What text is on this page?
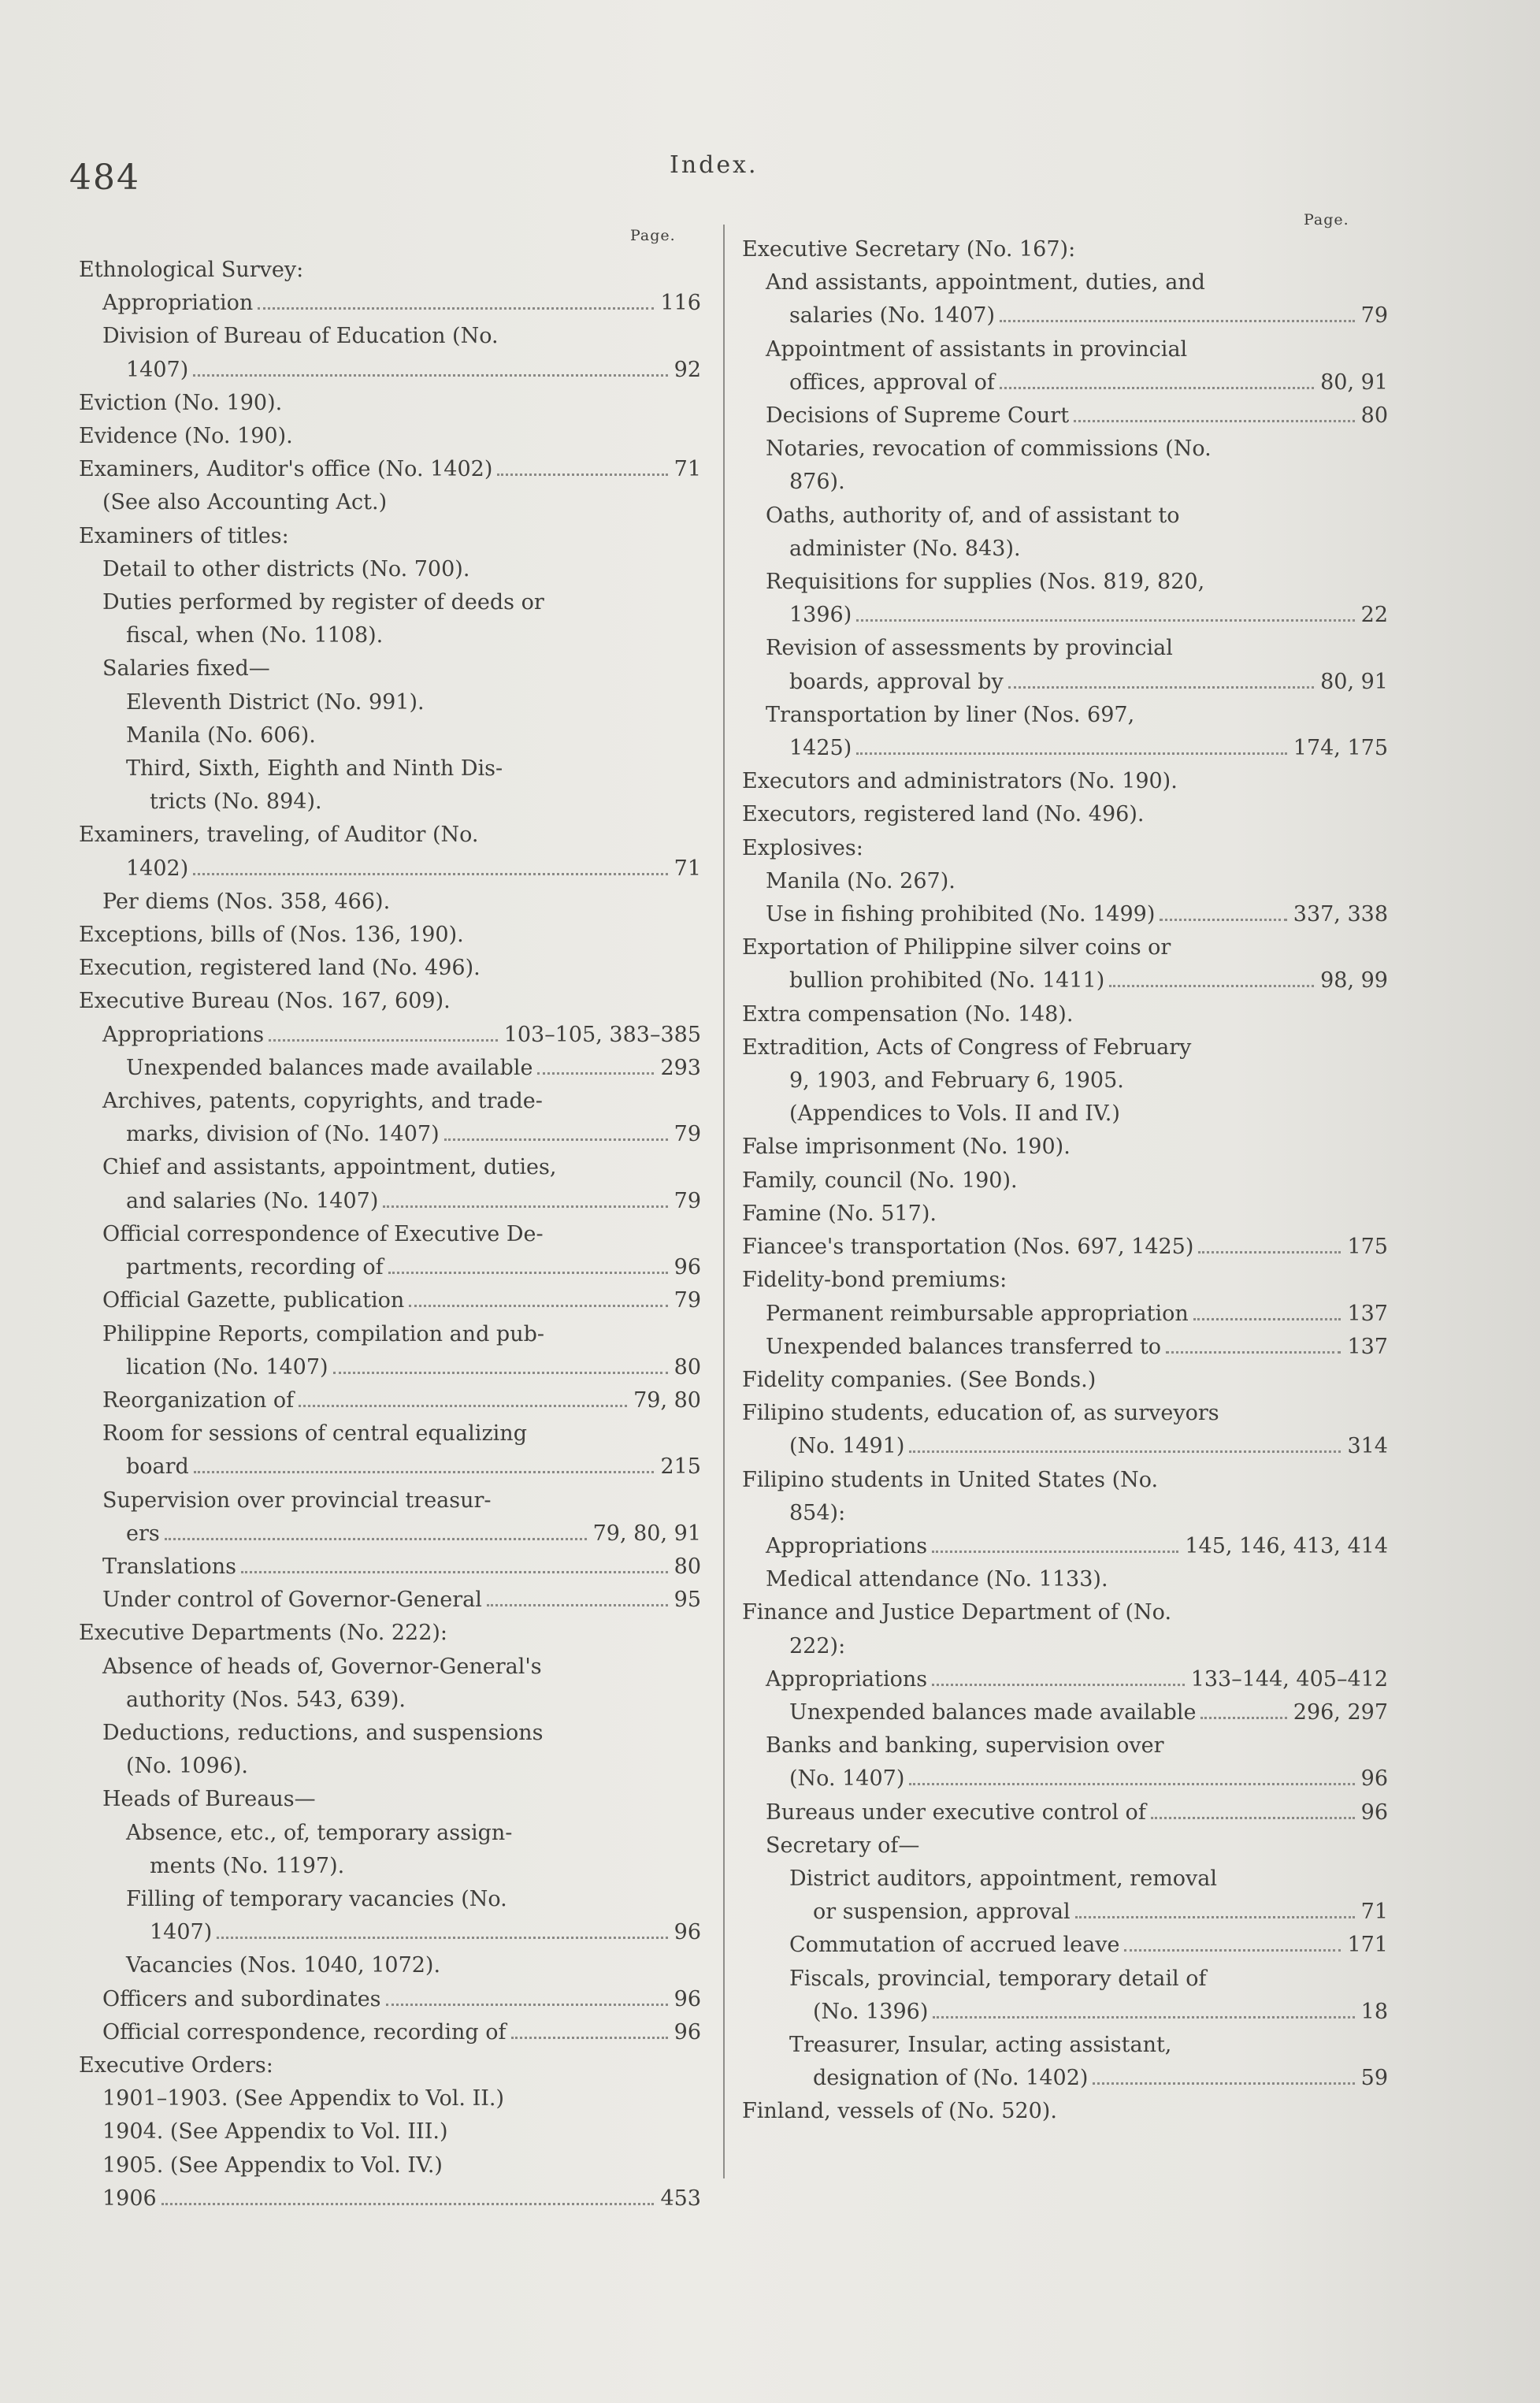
484	Index.
Page.
Page.
Ethnological Survey:
Appropriation	116
Division of Bureau of Education (No.
1407)	92
Eviction (No. 190).
Evidence (No. 190).
Examiners, Auditor's office (No. 1402)	71
(See also Accounting Act.)
Examiners of titles:
Detail to other districts (No. 700).
Duties performed by register of deeds or
fiscal, when (No. 1108).
Salaries fixed—
Eleventh District (No. 991).
Manila (No. 606).
Third, Sixth, Eighth and Ninth Dis-
tricts (No. 894).
Examiners, traveling, of Auditor (No.
1402)	71
Per diems (Nos. 358, 466).
Exceptions, bills of (Nos. 136, 190).
Execution, registered land (No. 496).
Executive Bureau (Nos. 167, 609).
Appropriations	103–105, 383–385
Unexpended balances made available	293
Archives, patents, copyrights, and trade-
marks, division of (No. 1407)	79
Chief and assistants, appointment, duties,
and salaries (No. 1407)	79
Official correspondence of Executive De-
partments, recording of	96
Official Gazette, publication	79
Philippine Reports, compilation and pub-
lication (No. 1407)	80
Reorganization of	79, 80
Room for sessions of central equalizing
board	215
Supervision over provincial treasur-
ers	79, 80, 91
Translations	80
Under control of Governor-General	95
Executive Departments (No. 222):
Absence of heads of, Governor-General's
authority (Nos. 543, 639).
Deductions, reductions, and suspensions
(No. 1096).
Heads of Bureaus—
Absence, etc., of, temporary assign-
ments (No. 1197).
Filling of temporary vacancies (No.
1407)	96
Vacancies (Nos. 1040, 1072).
Officers and subordinates	96
Official correspondence, recording of	96
Executive Orders:
1901–1903. (See Appendix to Vol. II.)
1904. (See Appendix to Vol. III.)
1905. (See Appendix to Vol. IV.)
1906	453
Executive Secretary (No. 167):
And assistants, appointment, duties, and
salaries (No. 1407)	79
Appointment of assistants in provincial
offices, approval of	80, 91
Decisions of Supreme Court	80
Notaries, revocation of commissions (No.
876).
Oaths, authority of, and of assistant to
administer (No. 843).
Requisitions for supplies (Nos. 819, 820,
1396)	22
Revision of assessments by provincial
boards, approval by	80, 91
Transportation by liner (Nos. 697,
1425)	174, 175
Executors and administrators (No. 190).
Executors, registered land (No. 496).
Explosives:
Manila (No. 267).
Use in fishing prohibited (No. 1499)	337, 338
Exportation of Philippine silver coins or
bullion prohibited (No. 1411)	98, 99
Extra compensation (No. 148).
Extradition, Acts of Congress of February
9, 1903, and February 6, 1905.
(Appendices to Vols. II and IV.)
False imprisonment (No. 190).
Family, council (No. 190).
Famine (No. 517).
Fiancee's transportation (Nos. 697, 1425)	175
Fidelity-bond premiums:
Permanent reimbursable appropriation	137
Unexpended balances transferred to	137
Fidelity companies. (See Bonds.)
Filipino students, education of, as surveyors
(No. 1491)	314
Filipino students in United States (No.
854):
Appropriations	145, 146, 413, 414
Medical attendance (No. 1133).
Finance and Justice Department of (No.
222):
Appropriations	133–144, 405–412
Unexpended balances made available	296, 297
Banks and banking, supervision over
(No. 1407)	96
Bureaus under executive control of	96
Secretary of—
District auditors, appointment, removal
or suspension, approval	71
Commutation of accrued leave	171
Fiscals, provincial, temporary detail of
(No. 1396)	18
Treasurer, Insular, acting assistant,
designation of (No. 1402)	59
Finland, vessels of (No. 520).
